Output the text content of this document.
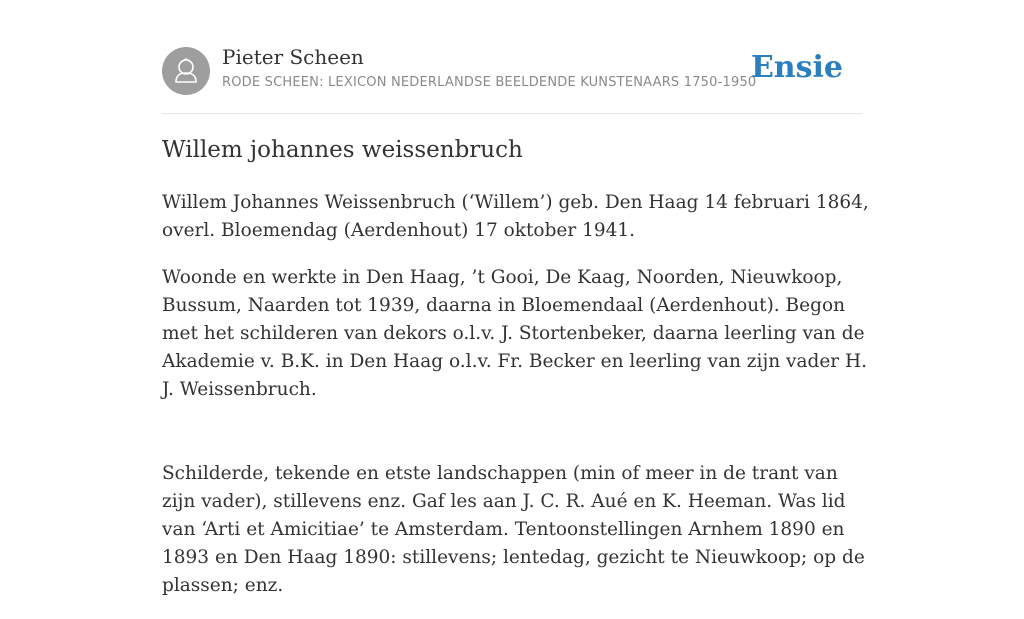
Pieter Scheen
RODE SCHEEN: LEXICON NEDERLANDSE BEELDENDE KUNSTENAARS 1750-1950
Ensie
Willem johannes weissenbruch

Willem Johannes Weissenbruch (‘Willem’) geb. Den Haag 14 februari 1864, overl. Bloemendag (Aerdenhout) 17 oktober 1941.

Woonde en werkte in Den Haag, ’t Gooi, De Kaag, Noorden, Nieuwkoop, Bussum, Naarden tot 1939, daarna in Bloemendaal (Aerdenhout). Begon met het schilderen van dekors o.l.v. J. Stortenbeker, daarna leerling van de Akademie v. B.K. in Den Haag o.l.v. Fr. Becker en leerling van zijn vader H. J. Weissenbruch.

Schilderde, tekende en etste landschappen (min of meer in de trant van zijn vader), stillevens enz. Gaf les aan J. C. R. Aué en K. Heeman. Was lid van ‘Arti et Amicitiae’ te Amsterdam. Tentoonstellingen Arnhem 1890 en 1893 en Den Haag 1890: stillevens; lentedag, gezicht te Nieuwkoop; op de plassen; enz.
